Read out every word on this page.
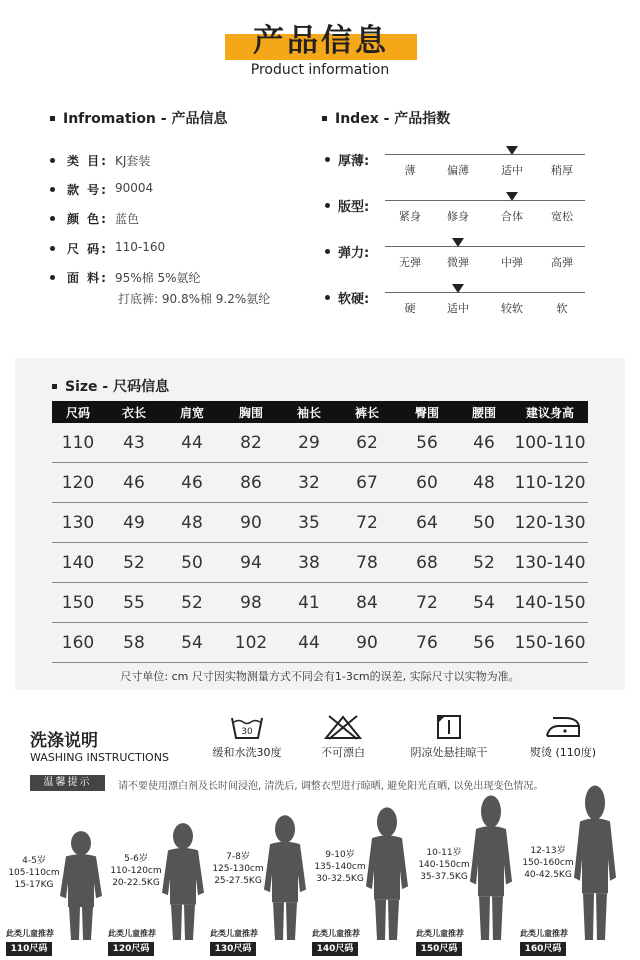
产品信息
Product information
Infromation - 产品信息
类 目: KJ套装
款 号: 90004
颜 色: 蓝色
尺 码: 110-160
面 料: 95%棉 5%氨纶
打底裤: 90.8%棉 9.2%氨纶
Index - 产品指数
厚薄:
薄	偏薄	适中	稍厚
版型:
紧身	修身	合体	宽松
弹力:
无弹	微弹	中弹	高弹
软硬:
硬	适中	较软	软
Size - 尺码信息
尺码	衣长	肩宽	胸围	袖长	裤长	臀围	腰围	建议身高
110	43	44	82	29	62	56	46	100-110
120	46	46	86	32	67	60	48	110-120
130	49	48	90	35	72	64	50	120-130
140	52	50	94	38	78	68	52	130-140
150	55	52	98	41	84	72	54	140-150
160	58	54	102	44	90	76	56	150-160
尺寸单位: cm 尺寸因实物测量方式不同会有1-3cm的误差, 实际尺寸以实物为准。
洗涤说明
WASHING INSTRUCTIONS
30
缓和水洗30度	不可漂白	阴凉处悬挂晾干	熨烫 (110度)
温馨提示	请不要使用漂白剂及长时间浸泡, 清洗后, 调整衣型进行晾晒, 避免阳光直晒, 以免出现变色情况。
4-5岁
105-110cm
15-17KG
此类儿童推荐
110尺码
5-6岁
110-120cm
20-22.5KG
此类儿童推荐
120尺码
7-8岁
125-130cm
25-27.5KG
此类儿童推荐
130尺码
9-10岁
135-140cm
30-32.5KG
此类儿童推荐
140尺码
10-11岁
140-150cm
35-37.5KG
此类儿童推荐
150尺码
12-13岁
150-160cm
40-42.5KG
此类儿童推荐
160尺码
